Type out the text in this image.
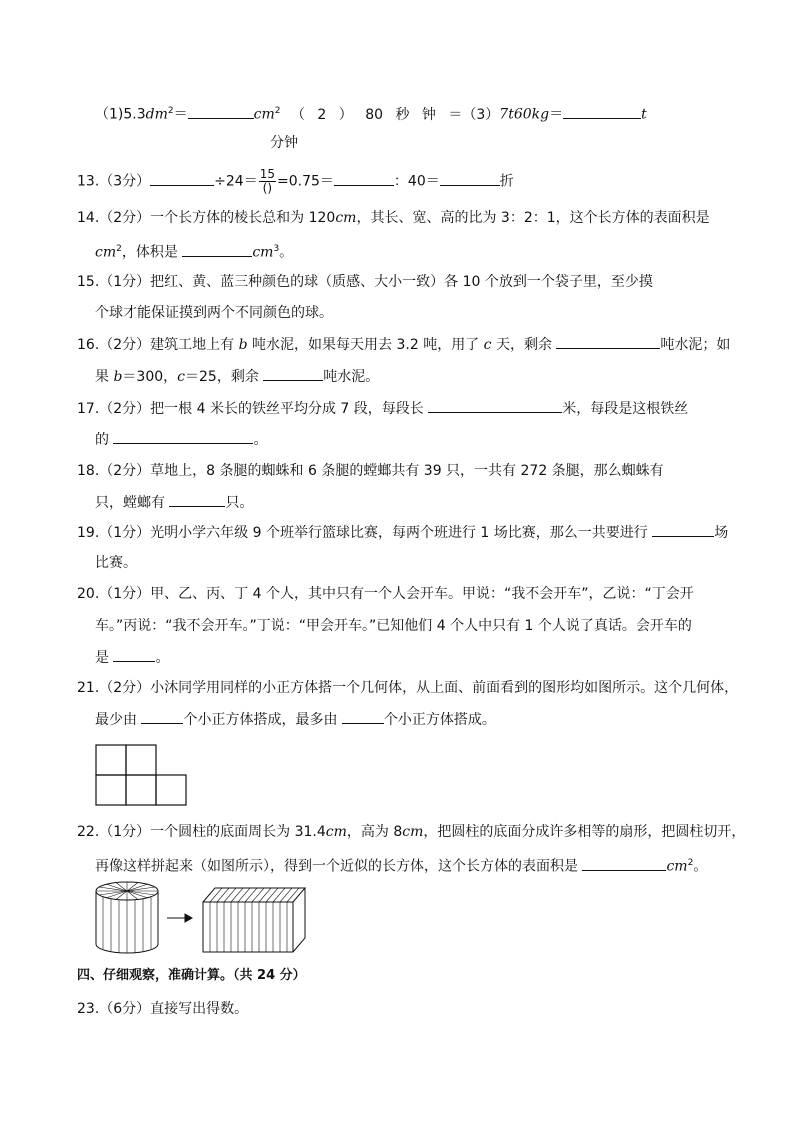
$(1)5.3dm^2=$	$cm^2$ （ 2 ） 80 秒 钟 ＝（3）7t60kg＝	t
分钟
13.（3分）	$\div 24= \frac{15}{()} =0.75=$	：40＝	折
14.（2分）一个长方体的棱长总和为 120cm，其长、宽、高的比为 3：2：1，这个长方体的表面积是
$cm^2$，体积是	$cm^3$。
15.（1分）把红、黄、蓝三种颜色的球（质感、大小一致）各 10 个放到一个袋子里，至少摸
个球才能保证摸到两个不同颜色的球。
16.（2分）建筑工地上有 b 吨水泥，如果每天用去 3.2 吨，用了 c 天，剩余	吨水泥；如
果 b＝300，c＝25，剩余	吨水泥。
17.（2分）把一根 4 米长的铁丝平均分成 7 段，每段长	米，每段是这根铁丝
的	。
18.（2分）草地上，8 条腿的蜘蛛和 6 条腿的螳螂共有 39 只，一共有 272 条腿，那么蜘蛛有
只，螳螂有	只。
19.（1分）光明小学六年级 9 个班举行篮球比赛，每两个班进行 1 场比赛，那么一共要进行	场
比赛。
20.（1分）甲、乙、丙、丁 4 个人，其中只有一个人会开车。甲说：“我不会开车”，乙说：“丁会开
车。”丙说：“我不会开车。”丁说：“甲会开车。”已知他们 4 个人中只有 1 个人说了真话。会开车的
是	。
21.（2分）小沐同学用同样的小正方体搭一个几何体，从上面、前面看到的图形均如图所示。这个几何体，
最少由	个小正方体搭成，最多由	个小正方体搭成。
22.（1分）一个圆柱的底面周长为 31.4cm，高为 8cm，把圆柱的底面分成许多相等的扇形，把圆柱切开，
再像这样拼起来（如图所示），得到一个近似的长方体，这个长方体的表面积是	$cm^2$。
四、仔细观察，准确计算。（共 24 分）
23.（6分）直接写出得数。
